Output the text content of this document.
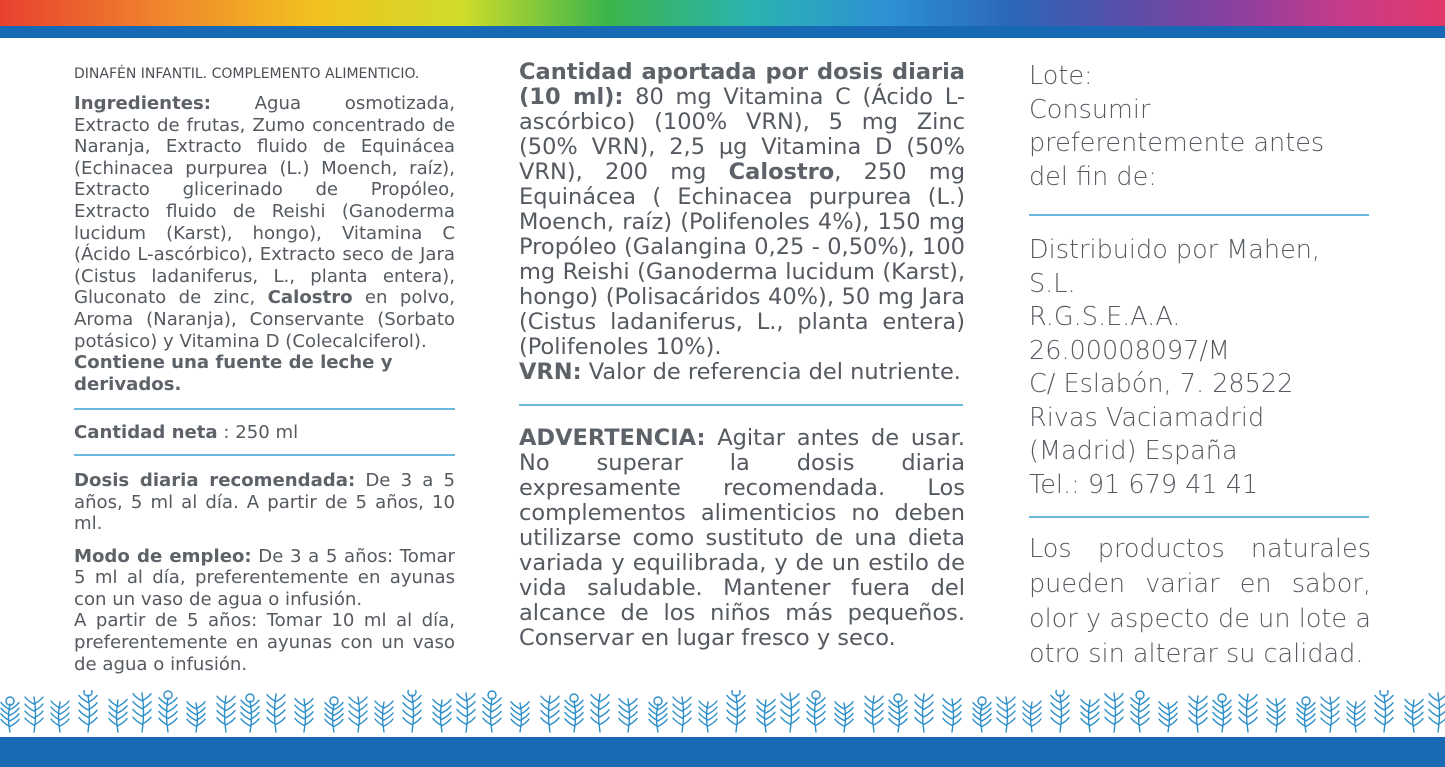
DINAFÉN INFANTIL. COMPLEMENTO ALIMENTICIO.

Ingredientes: Agua osmotizada, Extracto de frutas, Zumo concentrado de Naranja, Extracto fluido de Equinácea (Echinacea purpurea (L.) Moench, raíz), Extracto glicerinado de Propóleo, Extracto fluido de Reishi (Ganoderma lucidum (Karst), hongo), Vitamina C (Ácido L-ascórbico), Extracto seco de Jara (Cistus ladaniferus, L., planta entera), Gluconato de zinc, Calostro en polvo, Aroma (Naranja), Conservante (Sorbato potásico) y Vitamina D (Colecalciferol).

Contiene una fuente de leche y derivados.

Cantidad neta : 250 ml

Dosis diaria recomendada: De 3 a 5 años, 5 ml al día. A partir de 5 años, 10 ml.

Modo de empleo: De 3 a 5 años: Tomar 5 ml al día, preferentemente en ayunas con un vaso de agua o infusión.

A partir de 5 años: Tomar 10 ml al día, preferentemente en ayunas con un vaso de agua o infusión.

Cantidad aportada por dosis diaria (10 ml): 80 mg Vitamina C (Ácido L-ascórbico) (100% VRN), 5 mg Zinc (50% VRN), 2,5 µg Vitamina D (50% VRN), 200 mg Calostro, 250 mg Equinácea ( Echinacea purpurea (L.) Moench, raíz) (Polifenoles 4%), 150 mg Propóleo (Galangina 0,25 - 0,50%), 100 mg Reishi (Ganoderma lucidum (Karst), hongo) (Polisacáridos 40%), 50 mg Jara (Cistus ladaniferus, L., planta entera) (Polifenoles 10%).

VRN: Valor de referencia del nutriente.

ADVERTENCIA: Agitar antes de usar. No superar la dosis diaria expresamente recomendada. Los complementos alimenticios no deben utilizarse como sustituto de una dieta variada y equilibrada, y de un estilo de vida saludable. Mantener fuera del alcance de los niños más pequeños. Conservar en lugar fresco y seco.

Lote:

Consumir preferentemente antes del fin de:

Distribuido por Mahen, S.L.

R.G.S.E.A.A. 26.00008097/M

C/ Eslabón, 7. 28522

Rivas Vaciamadrid

(Madrid) España

Tel.: 91 679 41 41

Los productos naturales pueden variar en sabor, olor y aspecto de un lote a otro sin alterar su calidad.
